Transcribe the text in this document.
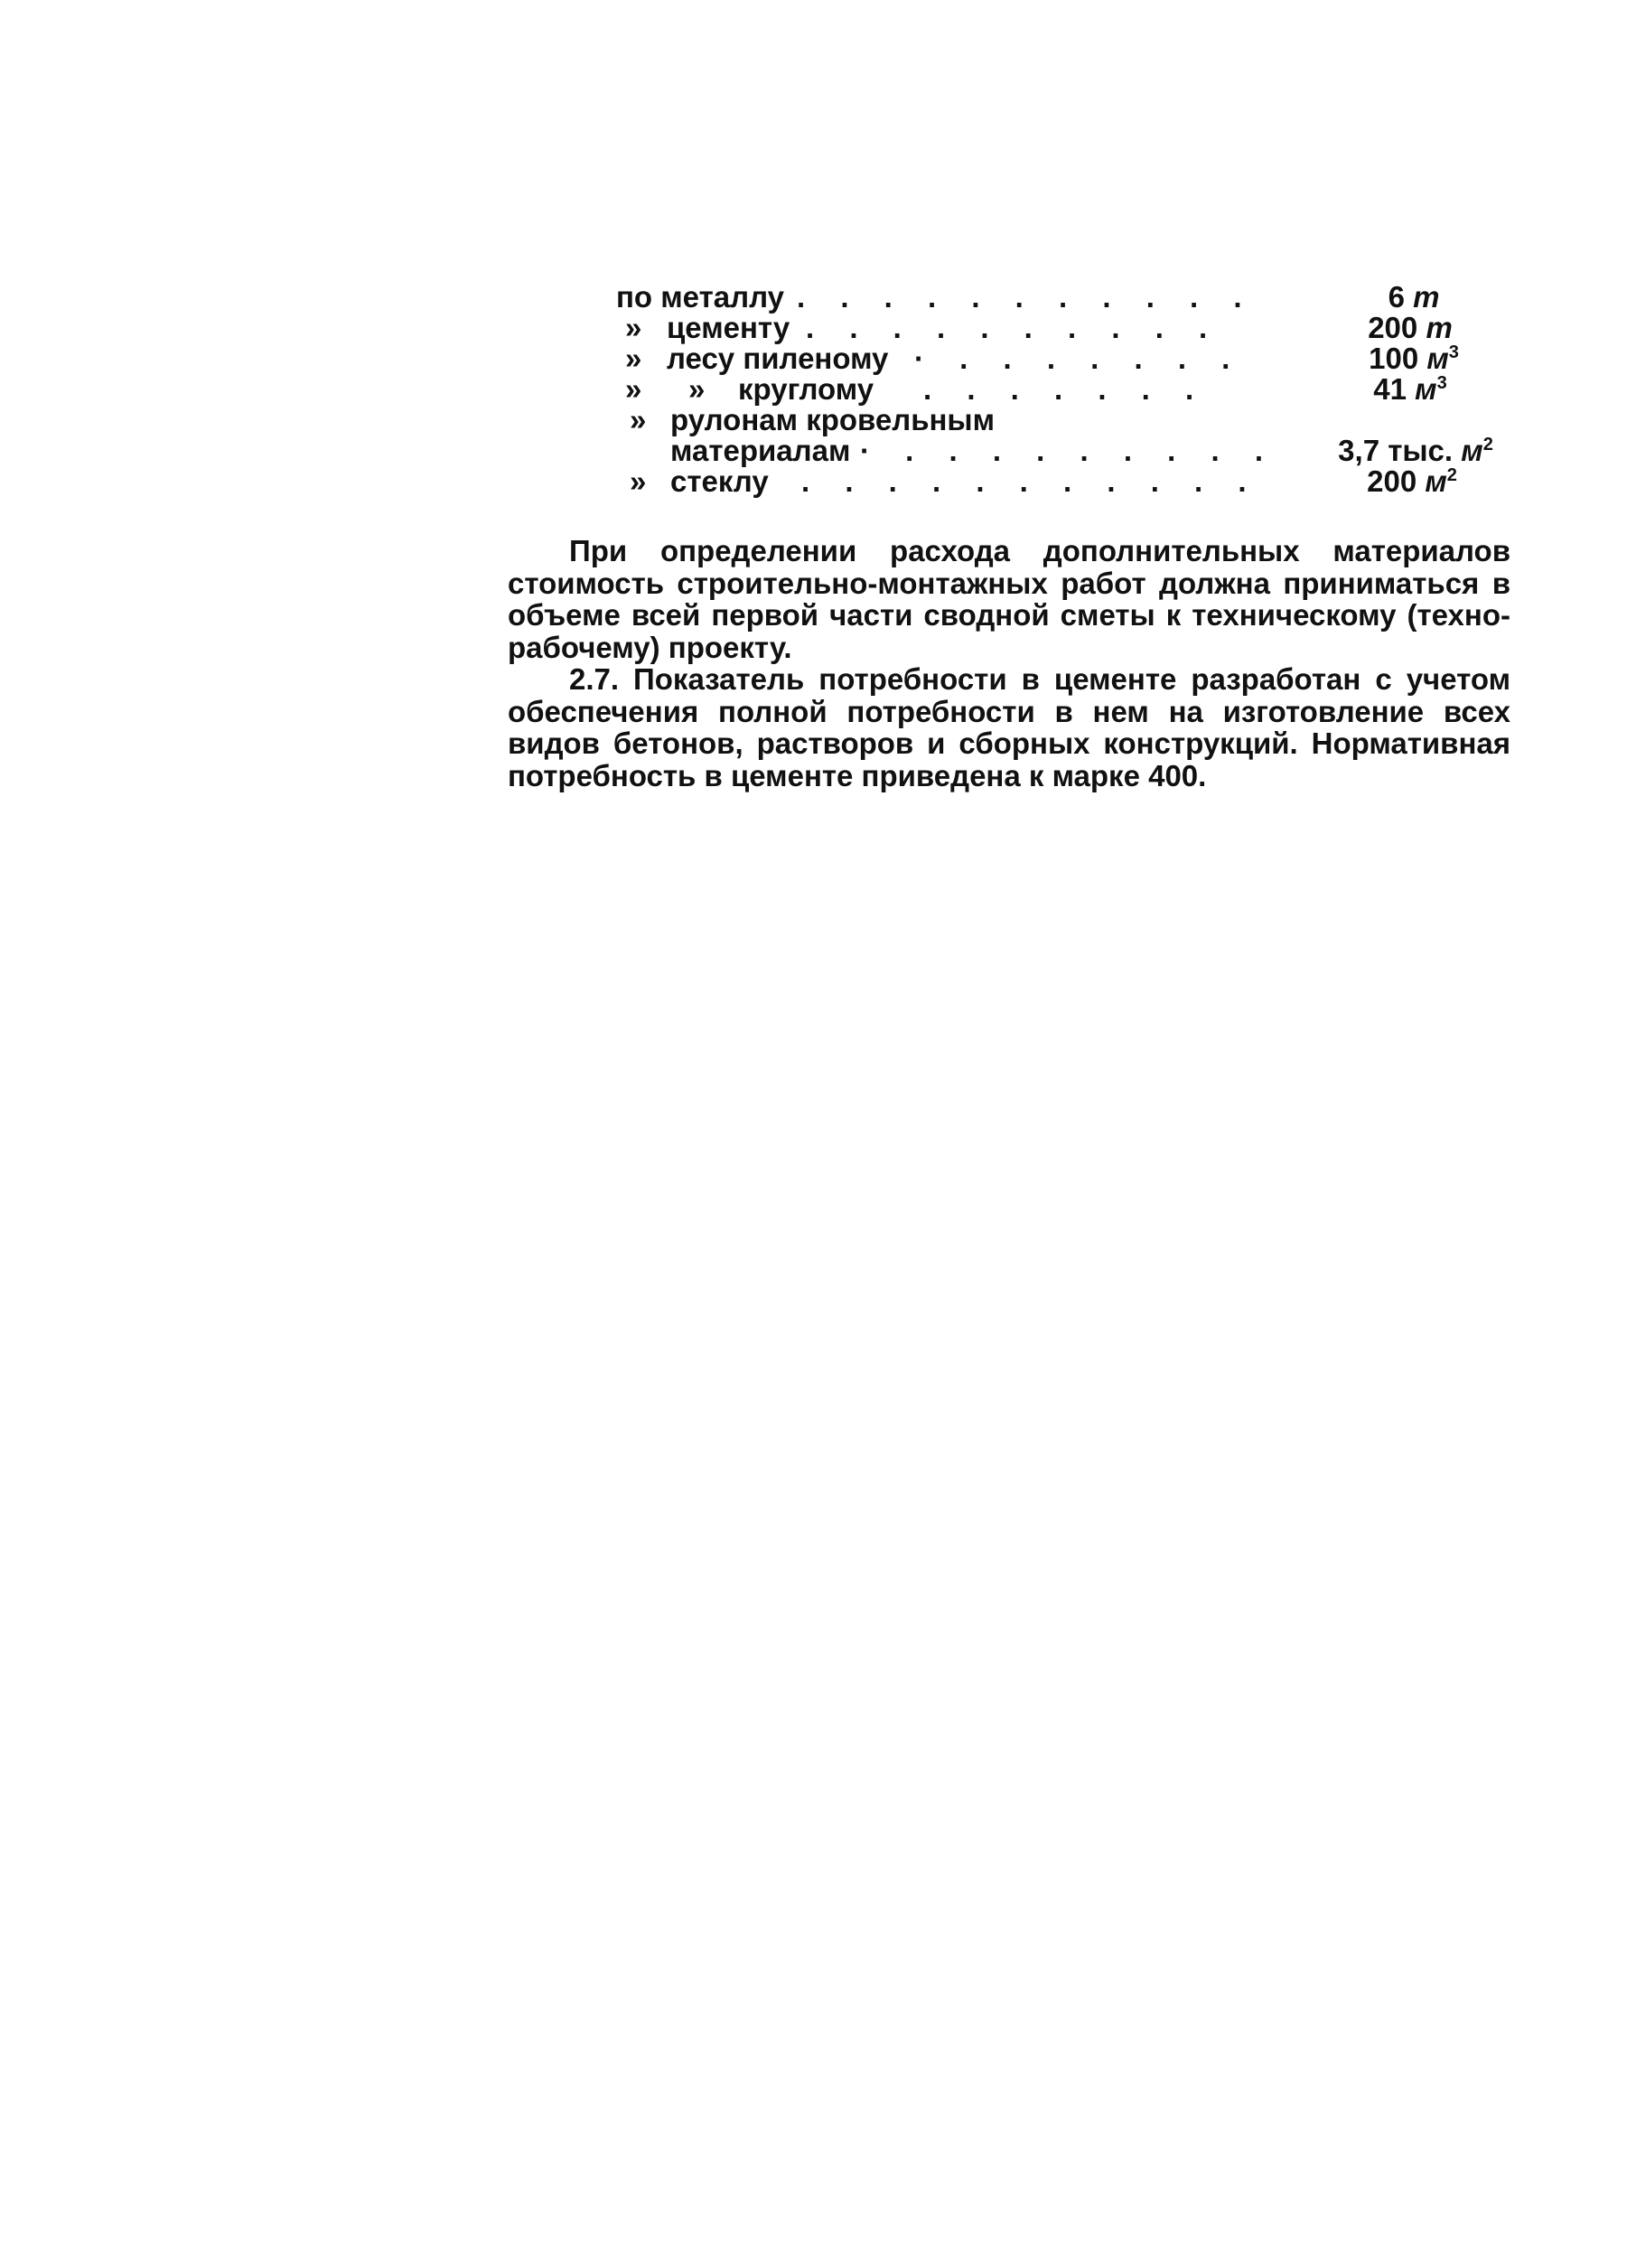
по металлу . . . . . . . . . . .	6 т
» цементу . . . . . . . . . .	200 т
» лесу пиленому · . . . . . . .	100 $м^3$
» » круглому . . . . . . .	41 $м^3$
» рулонам кровельным
материалам · . . . . . . . . .	3,7 тыс. $м^2$
» стеклу . . . . . . . . . . .	200 $м^2$

При определении расхода дополнительных материалов стоимость строительно-монтажных работ должна приниматься в объеме всей первой части сводной сметы к техническому (техно-рабочему) проекту.

2.7. Показатель потребности в цементе разработан с учетом обеспечения полной потребности в нем на изготовление всех видов бетонов, растворов и сборных конструкций. Нормативная потребность в цементе приведена к марке 400.
